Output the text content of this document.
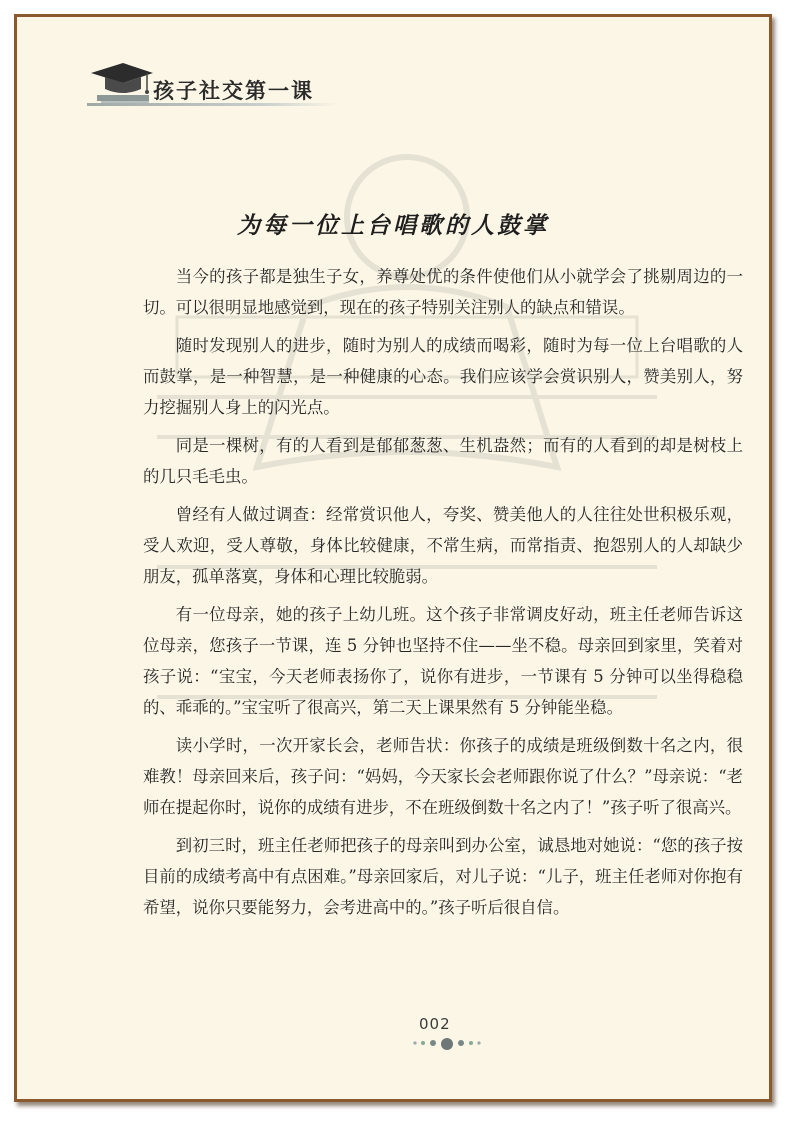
孩子社交第一课
为每一位上台唱歌的人鼓掌

当今的孩子都是独生子女，养尊处优的条件使他们从小就学会了挑剔周边的一切。可以很明显地感觉到，现在的孩子特别关注别人的缺点和错误。

随时发现别人的进步，随时为别人的成绩而喝彩，随时为每一位上台唱歌的人而鼓掌，是一种智慧，是一种健康的心态。我们应该学会赏识别人，赞美别人，努力挖掘别人身上的闪光点。

同是一棵树，有的人看到是郁郁葱葱、生机盎然；而有的人看到的却是树枝上的几只毛毛虫。

曾经有人做过调查：经常赏识他人，夸奖、赞美他人的人往往处世积极乐观，受人欢迎，受人尊敬，身体比较健康，不常生病，而常指责、抱怨别人的人却缺少朋友，孤单落寞，身体和心理比较脆弱。

有一位母亲，她的孩子上幼儿班。这个孩子非常调皮好动，班主任老师告诉这位母亲，您孩子一节课，连 5 分钟也坚持不住——坐不稳。母亲回到家里，笑着对孩子说：“宝宝，今天老师表扬你了，说你有进步，一节课有 5 分钟可以坐得稳稳的、乖乖的。”宝宝听了很高兴，第二天上课果然有 5 分钟能坐稳。

读小学时，一次开家长会，老师告状：你孩子的成绩是班级倒数十名之内，很难教！母亲回来后，孩子问：“妈妈，今天家长会老师跟你说了什么？”母亲说：“老师在提起你时，说你的成绩有进步，不在班级倒数十名之内了！”孩子听了很高兴。

到初三时，班主任老师把孩子的母亲叫到办公室，诚恳地对她说：“您的孩子按目前的成绩考高中有点困难。”母亲回家后，对儿子说：“儿子，班主任老师对你抱有希望，说你只要能努力，会考进高中的。”孩子听后很自信。

002
